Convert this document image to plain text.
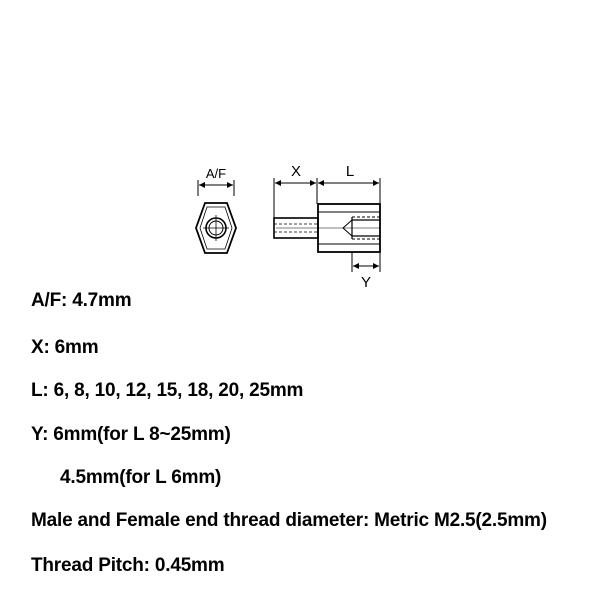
A/F	X	L
Y
A/F: 4.7mm
X: 6mm
L: 6, 8, 10, 12, 15, 18, 20, 25mm
Y: 6mm(for L 8~25mm)
4.5mm(for L 6mm)
Male and Female end thread diameter: Metric M2.5(2.5mm)
Thread Pitch: 0.45mm
